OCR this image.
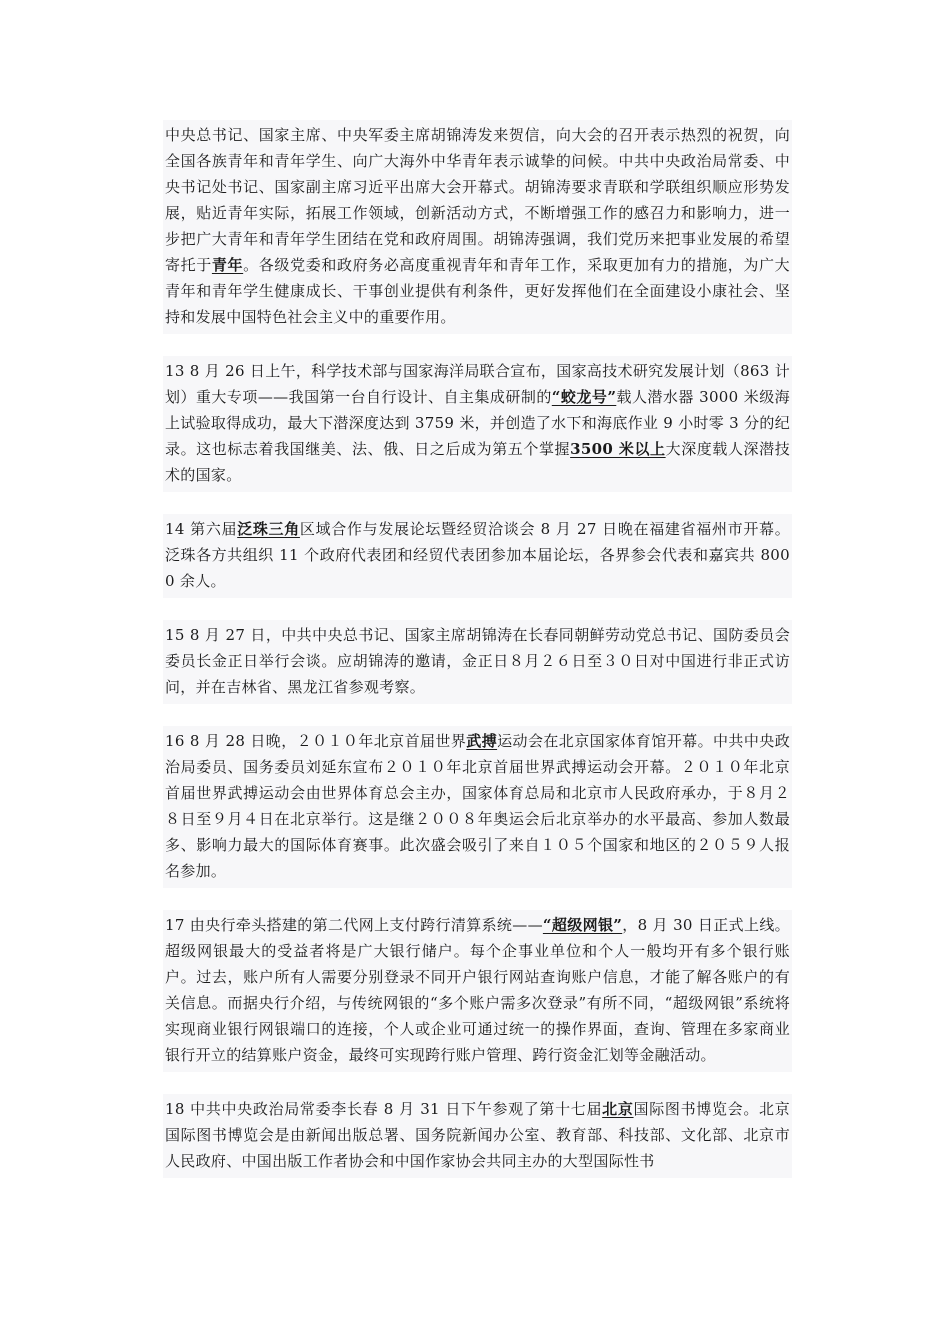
中央总书记、国家主席、中央军委主席胡锦涛发来贺信，向大会的召开表示热烈的祝贺，向全国各族青年和青年学生、向广大海外中华青年表示诚挚的问候。中共中央政治局常委、中央书记处书记、国家副主席习近平出席大会开幕式。胡锦涛要求青联和学联组织顺应形势发展，贴近青年实际，拓展工作领域，创新活动方式，不断增强工作的感召力和影响力，进一步把广大青年和青年学生团结在党和政府周围。胡锦涛强调，我们党历来把事业发展的希望寄托于青年。各级党委和政府务必高度重视青年和青年工作，采取更加有力的措施，为广大青年和青年学生健康成长、干事创业提供有利条件，更好发挥他们在全面建设小康社会、坚持和发展中国特色社会主义中的重要作用。

13 8 月 26 日上午，科学技术部与国家海洋局联合宣布，国家高技术研究发展计划（863 计划）重大专项——我国第一台自行设计、自主集成研制的“蛟龙号”载人潜水器 3000 米级海上试验取得成功，最大下潜深度达到 3759 米，并创造了水下和海底作业 9 小时零 3 分的纪录。这也标志着我国继美、法、俄、日之后成为第五个掌握3500 米以上大深度载人深潜技术的国家。

14 第六届泛珠三角区域合作与发展论坛暨经贸洽谈会 8 月 27 日晚在福建省福州市开幕。泛珠各方共组织 11 个政府代表团和经贸代表团参加本届论坛，各界参会代表和嘉宾共 8000 余人。

15 8 月 27 日，中共中央总书记、国家主席胡锦涛在长春同朝鲜劳动党总书记、国防委员会委员长金正日举行会谈。应胡锦涛的邀请，金正日８月２６日至３０日对中国进行非正式访问，并在吉林省、黑龙江省参观考察。

16 8 月 28 日晚，２０１０年北京首届世界武搏运动会在北京国家体育馆开幕。中共中央政治局委员、国务委员刘延东宣布２０１０年北京首届世界武搏运动会开幕。２０１０年北京首届世界武搏运动会由世界体育总会主办，国家体育总局和北京市人民政府承办，于８月２８日至９月４日在北京举行。这是继２００８年奥运会后北京举办的水平最高、参加人数最多、影响力最大的国际体育赛事。此次盛会吸引了来自１０５个国家和地区的２０５９人报名参加。

17 由央行牵头搭建的第二代网上支付跨行清算系统——“超级网银”，8 月 30 日正式上线。超级网银最大的受益者将是广大银行储户。每个企事业单位和个人一般均开有多个银行账户。过去，账户所有人需要分别登录不同开户银行网站查询账户信息，才能了解各账户的有关信息。而据央行介绍，与传统网银的“多个账户需多次登录”有所不同，“超级网银”系统将实现商业银行网银端口的连接，个人或企业可通过统一的操作界面，查询、管理在多家商业银行开立的结算账户资金，最终可实现跨行账户管理、跨行资金汇划等金融活动。

18 中共中央政治局常委李长春 8 月 31 日下午参观了第十七届北京国际图书博览会。北京国际图书博览会是由新闻出版总署、国务院新闻办公室、教育部、科技部、文化部、北京市人民政府、中国出版工作者协会和中国作家协会共同主办的大型国际性书
